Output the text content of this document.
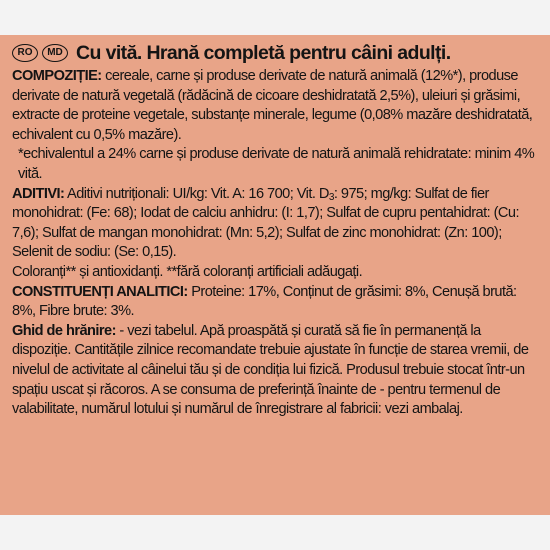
RO	MD Cu vită. Hrană completă pentru câini adulți.

COMPOZIȚIE: cereale, carne și produse derivate de natură animală (12%*), produse derivate de natură vegetală (rădăcină de cicoare deshidratată 2,5%), uleiuri și grăsimi, extracte de proteine vegetale, substanțe minerale, legume (0,08% mazăre deshidratată, echivalent cu 0,5% mazăre).

*echivalentul a 24% carne și produse derivate de natură animală rehidratate: minim 4% vită.

ADITIVI: Aditivi nutriționali: UI/kg: Vit. A: 16 700; Vit. $D_3$: 975; mg/kg: Sulfat de fier monohidrat: (Fe: 68); Iodat de calciu anhidru: (I: 1,7); Sulfat de cupru pentahidrat: (Cu: 7,6); Sulfat de mangan monohidrat: (Mn: 5,2); Sulfat de zinc monohidrat: (Zn: 100); Selenit de sodiu: (Se: 0,15).

Coloranți** și antioxidanți. **fără coloranți artificiali adăugați.

CONSTITUENȚI ANALITICI: Proteine: 17%, Conținut de grăsimi: 8%, Cenușă brută: 8%, Fibre brute: 3%.

Ghid de hrănire: - vezi tabelul. Apă proaspătă și curată să fie în permanență la dispoziție. Cantitățile zilnice recomandate trebuie ajustate în funcție de starea vremii, de nivelul de activitate al câinelui tău și de condiția lui fizică. Produsul trebuie stocat într-un spațiu uscat și răcoros. A se consuma de preferință înainte de - pentru termenul de valabilitate, numărul lotului și numărul de înregistrare al fabricii: vezi ambalaj.
